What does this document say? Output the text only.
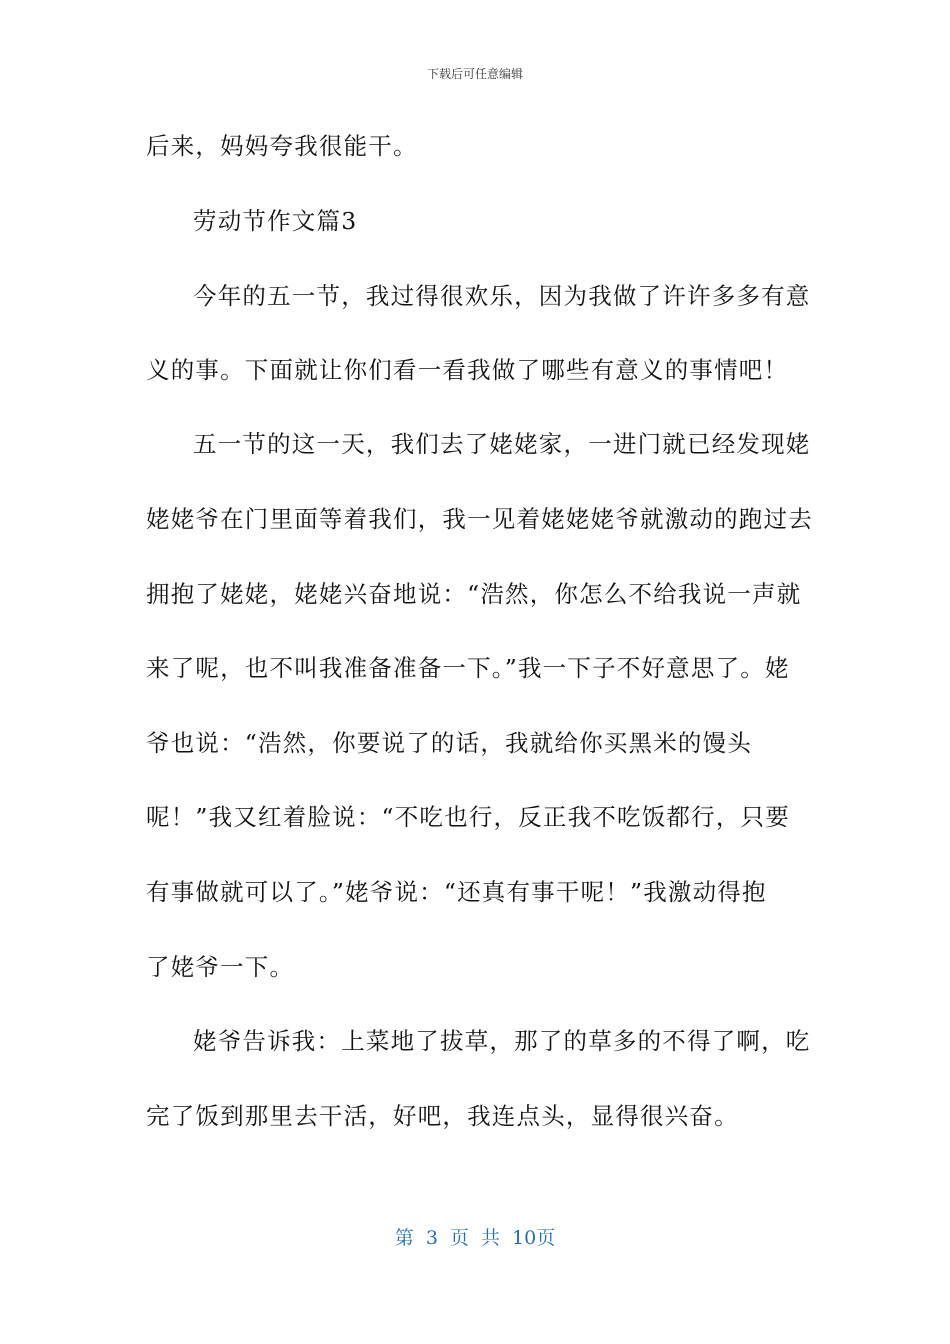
下载后可任意编辑
后来，妈妈夸我很能干。
劳动节作文篇3
今年的五一节，我过得很欢乐，因为我做了许许多多有意
义的事。下面就让你们看一看我做了哪些有意义的事情吧！
五一节的这一天，我们去了姥姥家，一进门就已经发现姥
姥姥爷在门里面等着我们，我一见着姥姥姥爷就激动的跑过去
拥抱了姥姥，姥姥兴奋地说：“浩然，你怎么不给我说一声就
来了呢，也不叫我准备准备一下。”我一下子不好意思了。姥
爷也说：“浩然，你要说了的话，我就给你买黑米的馒头
呢！”我又红着脸说：“不吃也行，反正我不吃饭都行，只要
有事做就可以了。”姥爷说：“还真有事干呢！”我激动得抱
了姥爷一下。
姥爷告诉我：上菜地了拔草，那了的草多的不得了啊，吃
完了饭到那里去干活，好吧，我连点头，显得很兴奋。
第 3 页 共 10页
